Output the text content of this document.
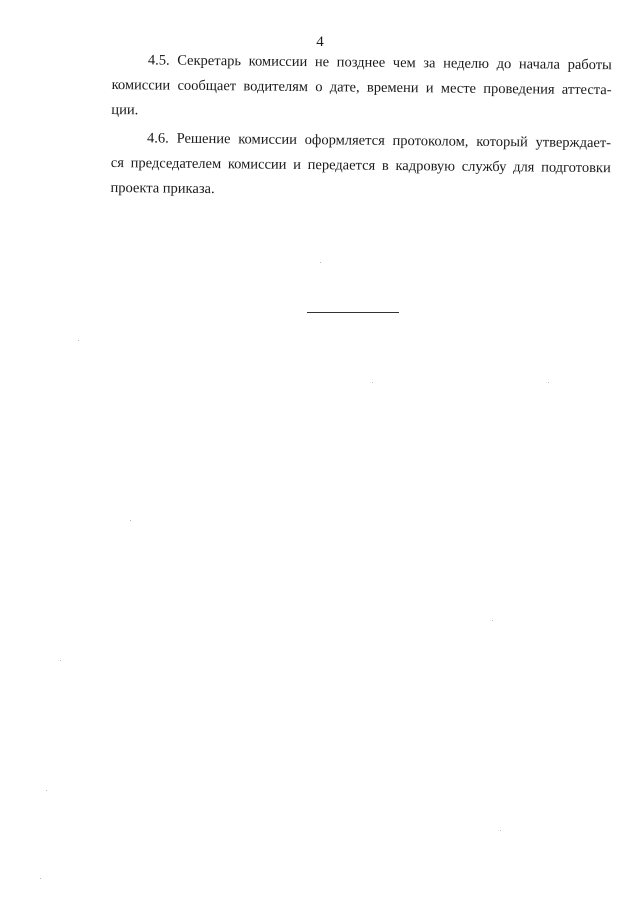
4

4.5. Секретарь комиссии не позднее чем за неделю до начала работы
комиссии сообщает водителям о дате, времени и месте проведения аттеста-
ции.

4.6. Решение комиссии оформляется протоколом, который утверждает-
ся председателем комиссии и передается в кадровую службу для подготовки
проекта приказа.
